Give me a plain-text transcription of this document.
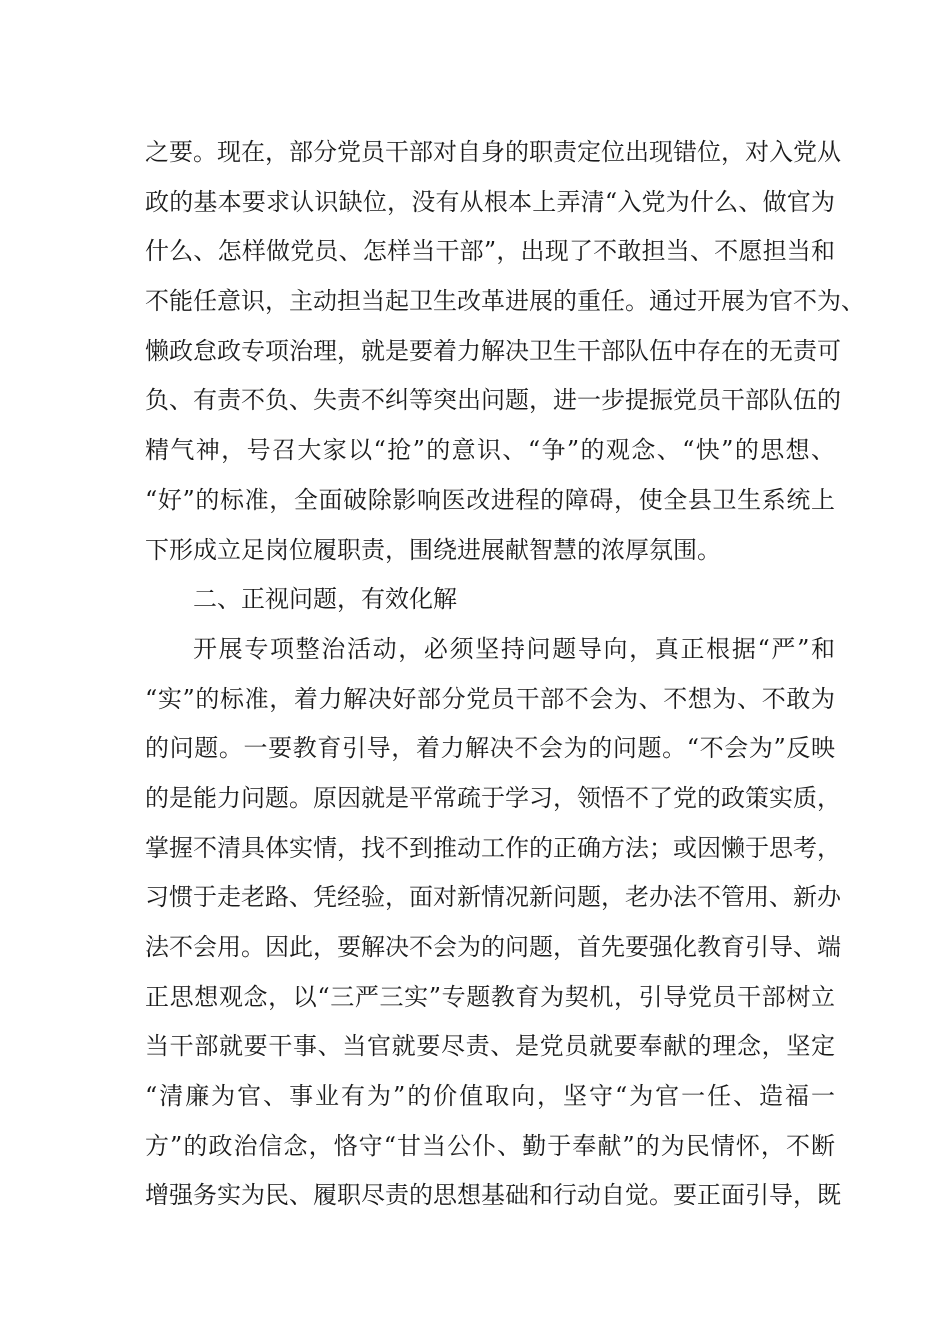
之要。现在，部分党员干部对自身的职责定位出现错位，对入党从
政的基本要求认识缺位，没有从根本上弄清“入党为什么、做官为
什么、怎样做党员、怎样当干部”，出现了不敢担当、不愿担当和
不能任意识，主动担当起卫生改革进展的重任。通过开展为官不为、
懒政怠政专项治理，就是要着力解决卫生干部队伍中存在的无责可
负、有责不负、失责不纠等突出问题，进一步提振党员干部队伍的
精气神，号召大家以“抢”的意识、“争”的观念、“快”的思想、
“好”的标准，全面破除影响医改进程的障碍，使全县卫生系统上
下形成立足岗位履职责，围绕进展献智慧的浓厚氛围。
二、正视问题，有效化解
开展专项整治活动，必须坚持问题导向，真正根据“严”和
“实”的标准，着力解决好部分党员干部不会为、不想为、不敢为
的问题。一要教育引导，着力解决不会为的问题。“不会为”反映
的是能力问题。原因就是平常疏于学习，领悟不了党的政策实质，
掌握不清具体实情，找不到推动工作的正确方法；或因懒于思考，
习惯于走老路、凭经验，面对新情况新问题，老办法不管用、新办
法不会用。因此，要解决不会为的问题，首先要强化教育引导、端
正思想观念，以“三严三实”专题教育为契机，引导党员干部树立
当干部就要干事、当官就要尽责、是党员就要奉献的理念，坚定
“清廉为官、事业有为”的价值取向，坚守“为官一任、造福一
方”的政治信念，恪守“甘当公仆、勤于奉献”的为民情怀，不断
增强务实为民、履职尽责的思想基础和行动自觉。要正面引导，既
